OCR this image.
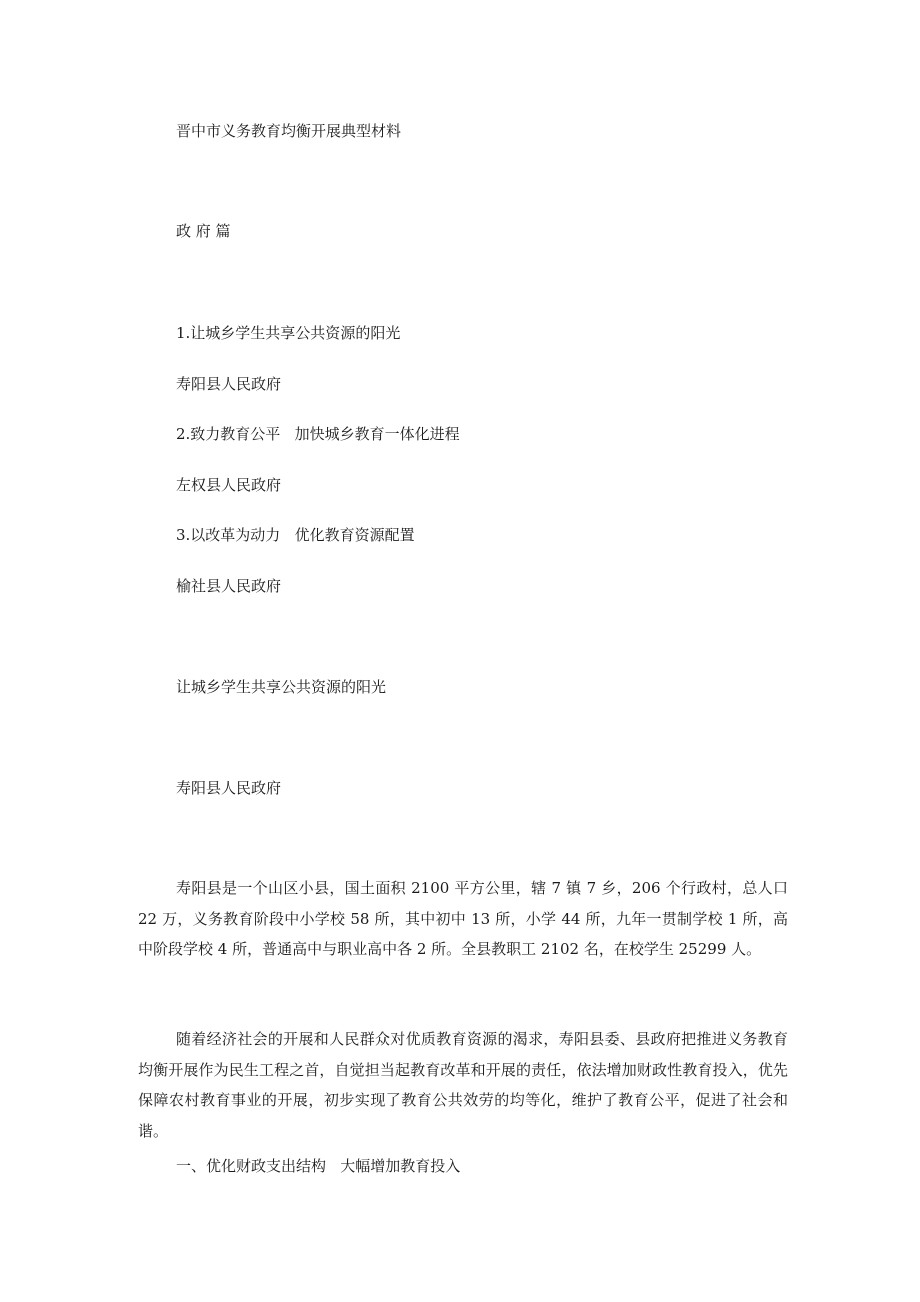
晋中市义务教育均衡开展典型材料
政 府 篇
1.让城乡学生共享公共资源的阳光
寿阳县人民政府
2.致力教育公平   加快城乡教育一体化进程
左权县人民政府
3.以改革为动力   优化教育资源配置
榆社县人民政府
让城乡学生共享公共资源的阳光
寿阳县人民政府

寿阳县是一个山区小县，国土面积 2100 平方公里，辖 7 镇 7 乡，206 个行政村，总人口 22 万，义务教育阶段中小学校 58 所，其中初中 13 所，小学 44 所，九年一贯制学校 1 所，高中阶段学校 4 所，普通高中与职业高中各 2 所。全县教职工 2102 名，在校学生 25299 人。

随着经济社会的开展和人民群众对优质教育资源的渴求，寿阳县委、县政府把推进义务教育均衡开展作为民生工程之首，自觉担当起教育改革和开展的责任，依法增加财政性教育投入，优先保障农村教育事业的开展，初步实现了教育公共效劳的均等化，维护了教育公平，促进了社会和谐。

一、优化财政支出结构   大幅增加教育投入
